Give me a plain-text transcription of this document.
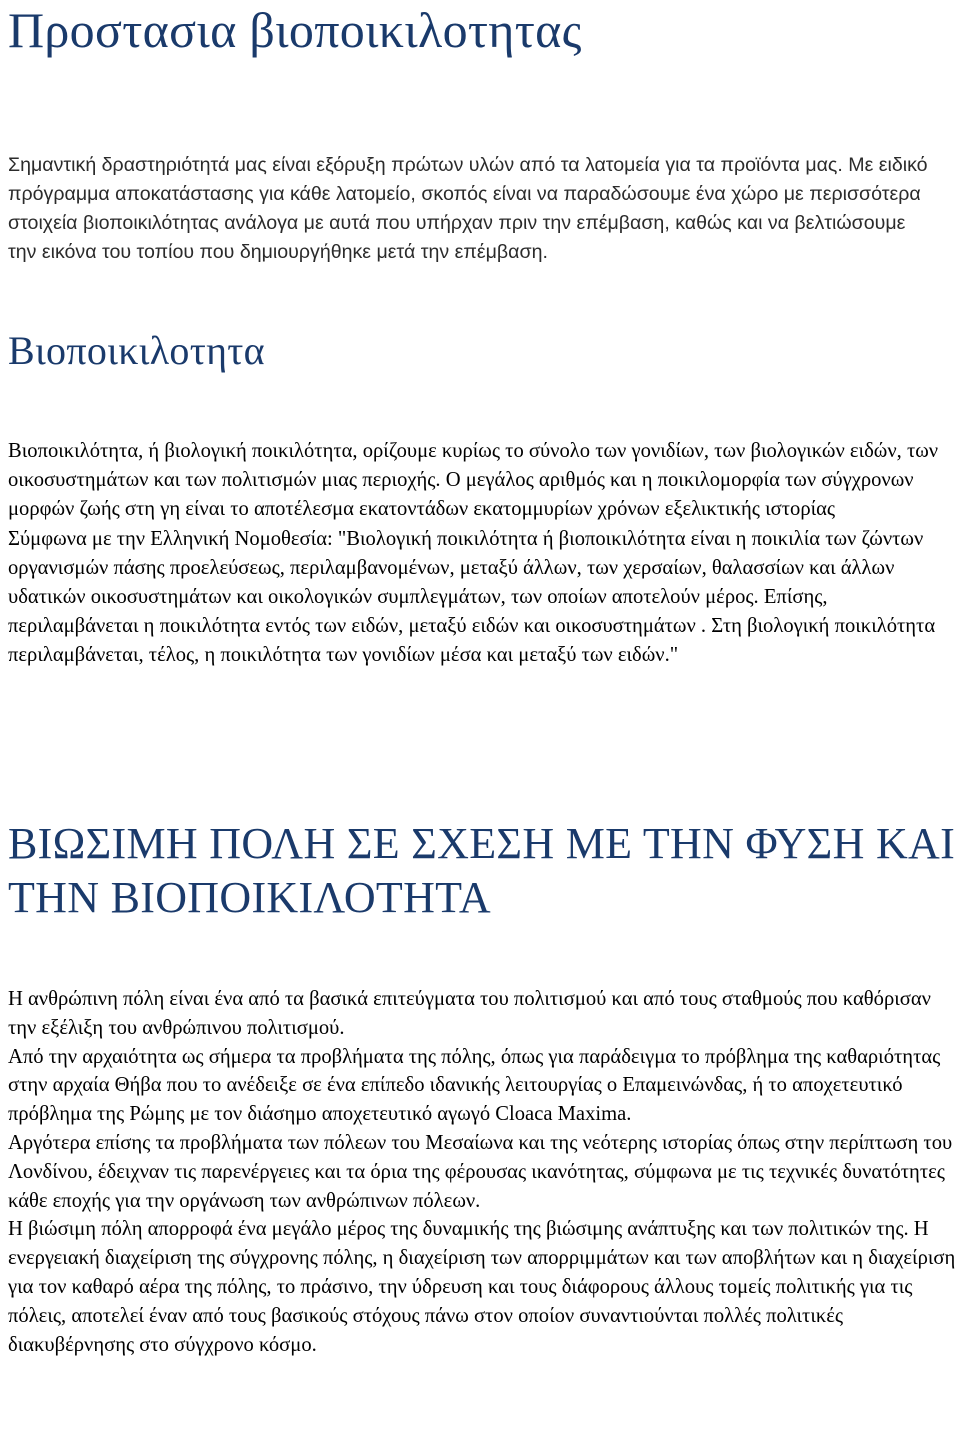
Προστασια βιοποικιλοτητας

Σημαντική δραστηριότητά μας είναι εξόρυξη πρώτων υλών από τα λατομεία για τα προϊόντα μας. Με ειδικό πρόγραμμα αποκατάστασης για κάθε λατομείο, σκοπός είναι να παραδώσουμε ένα χώρο με περισσότερα στοιχεία βιοποικιλότητας ανάλογα με αυτά που υπήρχαν πριν την επέμβαση, καθώς και να βελτιώσουμε την εικόνα του τοπίου που δημιουργήθηκε μετά την επέμβαση.

Βιοποικιλοτητα

Βιοποικιλότητα, ή βιολογική ποικιλότητα, ορίζουμε κυρίως το σύνολο των γονιδίων, των βιολογικών ειδών, των οικοσυστημάτων και των πολιτισμών μιας περιοχής. Ο μεγάλος αριθμός και η ποικιλομορφία των σύγχρονων μορφών ζωής στη γη είναι το αποτέλεσμα εκατοντάδων εκατομμυρίων χρόνων εξελικτικής ιστορίας

Σύμφωνα με την Ελληνική Νομοθεσία: "Βιολογική ποικιλότητα ή βιοποικιλότητα είναι η ποικιλία των ζώντων οργανισμών πάσης προελεύσεως, περιλαμβανομένων, μεταξύ άλλων, των χερσαίων, θαλασσίων και άλλων υδατικών οικοσυστημάτων και οικολογικών συμπλεγμάτων, των οποίων αποτελούν μέρος. Επίσης, περιλαμβάνεται η ποικιλότητα εντός των ειδών, μεταξύ ειδών και οικοσυστημάτων . Στη βιολογική ποικιλότητα περιλαμβάνεται, τέλος, η ποικιλότητα των γονιδίων μέσα και μεταξύ των ειδών."

ΒΙΩΣΙΜΗ ΠΟΛΗ ΣΕ ΣΧΕΣΗ ΜΕ ΤΗΝ ΦΥΣΗ ΚΑΙ ΤΗΝ ΒΙΟΠΟΙΚΙΛΟΤΗΤΑ

Η ανθρώπινη πόλη είναι ένα από τα βασικά επιτεύγματα του πολιτισμού και από τους σταθμούς που καθόρισαν την εξέλιξη του ανθρώπινου πολιτισμού.

Από την αρχαιότητα ως σήμερα τα προβλήματα της πόλης, όπως για παράδειγμα το πρόβλημα της καθαριότητας στην αρχαία Θήβα που το ανέδειξε σε ένα επίπεδο ιδανικής λειτουργίας ο Επαμεινώνδας, ή το αποχετευτικό πρόβλημα της Ρώμης με τον διάσημο αποχετευτικό αγωγό Cloaca Maxima.

Αργότερα επίσης τα προβλήματα των πόλεων του Μεσαίωνα και της νεότερης ιστορίας όπως στην περίπτωση του Λονδίνου, έδειχναν τις παρενέργειες και τα όρια της φέρουσας ικανότητας, σύμφωνα με τις τεχνικές δυνατότητες κάθε εποχής για την οργάνωση των ανθρώπινων πόλεων.

Η βιώσιμη πόλη απορροφά ένα μεγάλο μέρος της δυναμικής της βιώσιμης ανάπτυξης και των πολιτικών της. Η ενεργειακή διαχείριση της σύγχρονης πόλης, η διαχείριση των απορριμμάτων και των αποβλήτων και η διαχείριση για τον καθαρό αέρα της πόλης, το πράσινο, την ύδρευση και τους διάφορους άλλους τομείς πολιτικής για τις πόλεις, αποτελεί έναν από τους βασικούς στόχους πάνω στον οποίον συναντιούνται πολλές πολιτικές διακυβέρνησης στο σύγχρονο κόσμο.
